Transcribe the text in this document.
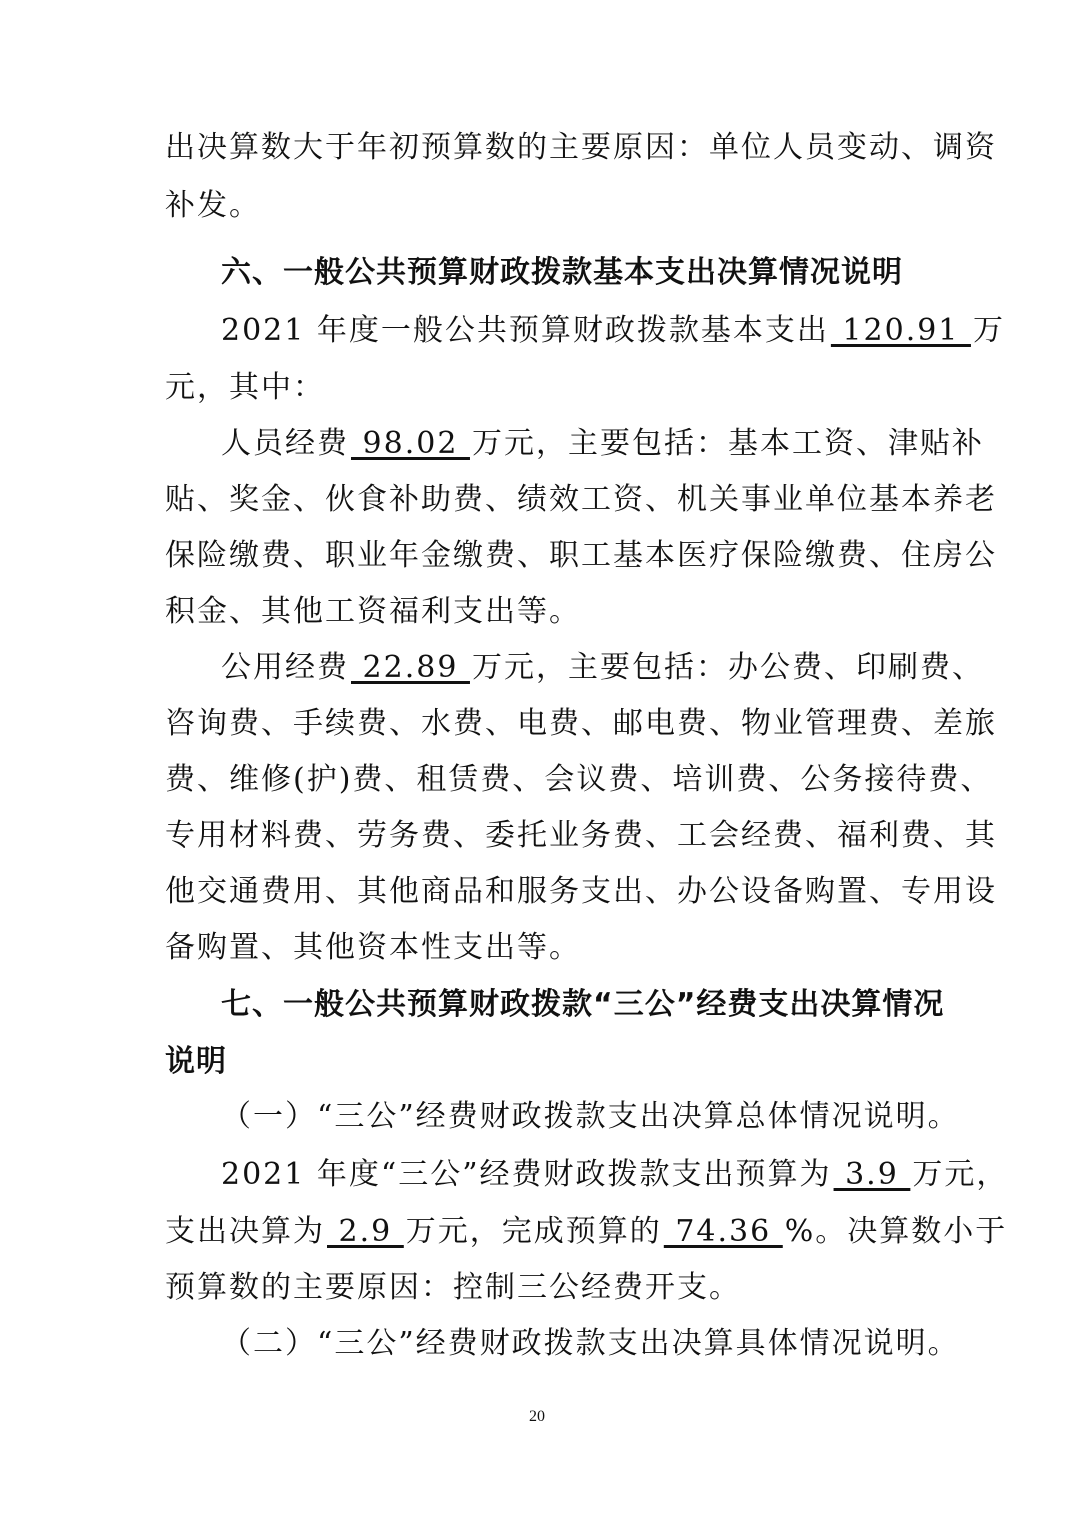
出决算数大于年初预算数的主要原因：单位人员变动、调资
补发。
六、一般公共预算财政拨款基本支出决算情况说明
2021 年度一般公共预算财政拨款基本支出 120.91 万
元，其中：
人员经费 98.02 万元，主要包括：基本工资、津贴补
贴、奖金、伙食补助费、绩效工资、机关事业单位基本养老
保险缴费、职业年金缴费、职工基本医疗保险缴费、住房公
积金、其他工资福利支出等。
公用经费 22.89 万元，主要包括：办公费、印刷费、
咨询费、手续费、水费、电费、邮电费、物业管理费、差旅
费、维修(护)费、租赁费、会议费、培训费、公务接待费、
专用材料费、劳务费、委托业务费、工会经费、福利费、其
他交通费用、其他商品和服务支出、办公设备购置、专用设
备购置、其他资本性支出等。
七、一般公共预算财政拨款“三公”经费支出决算情况
说明
（一）“三公”经费财政拨款支出决算总体情况说明。
2021 年度“三公”经费财政拨款支出预算为 3.9 万元，
支出决算为 2.9 万元，完成预算的 74.36 %。决算数小于
预算数的主要原因：控制三公经费开支。
（二）“三公”经费财政拨款支出决算具体情况说明。
20
